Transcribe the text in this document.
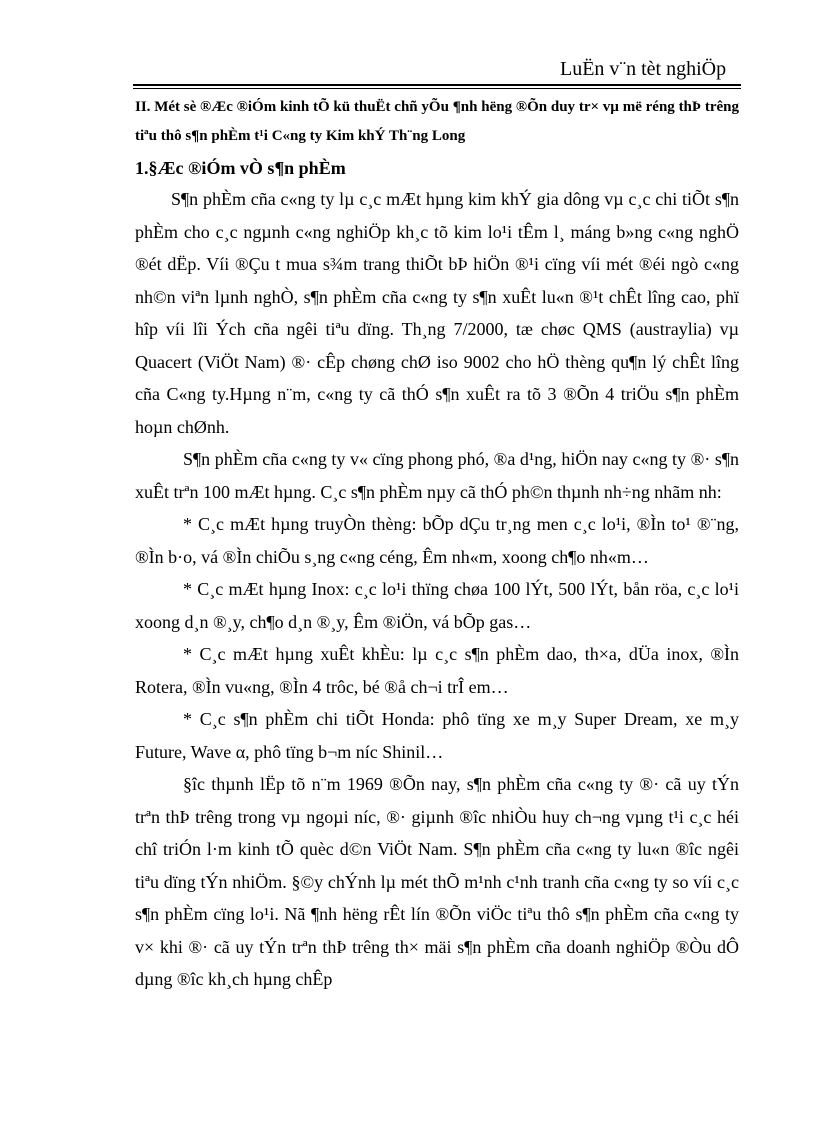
LuËn v¨n tèt nghiÖp

II. Mét sè ®Æc ®iÓm kinh tÕ kü thuËt chñ yÕu ¶nh hëng ®Õn duy tr× vµ më réng thÞ trêng tiªu thô s¶n phÈm t¹i C«ng ty Kim khÝ Th¨ng Long

1.§Æc ®iÓm vÒ s¶n phÈm

S¶n phÈm cña c«ng ty lµ c¸c mÆt hµng kim khÝ gia dông vµ c¸c chi tiÕt s¶n phÈm cho c¸c ngµnh c«ng nghiÖp kh¸c tõ kim lo¹i tÊm l¸ máng b»ng c«ng nghÖ ®ét dËp. Víi ®Çu t mua s¾m trang thiÕt bÞ hiÖn ®¹i cïng víi mét ®éi ngò c«ng nh©n viªn lµnh nghÒ, s¶n phÈm cña c«ng ty s¶n xuÊt lu«n ®¹t chÊt lîng cao, phï hîp víi lîi Ých cña ngêi tiªu dïng. Th¸ng 7/2000, tæ chøc QMS (austraylia) vµ Quacert (ViÖt Nam) ®· cÊp chøng chØ iso 9002 cho hÖ thèng qu¶n lý chÊt lîng cña C«ng ty.Hµng n¨m, c«ng ty cã thÓ s¶n xuÊt ra tõ 3 ®Õn 4 triÖu s¶n phÈm hoµn chØnh.

S¶n phÈm cña c«ng ty v« cïng phong phó, ®a d¹ng, hiÖn nay c«ng ty ®· s¶n xuÊt trªn 100 mÆt hµng. C¸c s¶n phÈm nµy cã thÓ ph©n thµnh nh÷ng nhãm nh:

* C¸c mÆt hµng truyÒn thèng: bÕp dÇu tr¸ng men c¸c lo¹i, ®Ìn to¹ ®¨ng, ®Ìn b·o, vá ®Ìn chiÕu s¸ng c«ng céng, Êm nh«m, xoong ch¶o nh«m…

* C¸c mÆt hµng Inox: c¸c lo¹i thïng chøa 100 lÝt, 500 lÝt, bån röa, c¸c lo¹i xoong d¸n ®¸y, ch¶o d¸n ®¸y, Êm ®iÖn, vá bÕp gas…

* C¸c mÆt hµng xuÊt khÈu: lµ c¸c s¶n phÈm dao, th×a, dÜa inox, ®Ìn Rotera, ®Ìn vu«ng, ®Ìn 4 trôc, bé ®å ch¬i trÎ em…

* C¸c s¶n phÈm chi tiÕt Honda: phô tïng xe m¸y Super Dream, xe m¸y Future, Wave α, phô tïng b¬m níc Shinil…

§îc thµnh lËp tõ n¨m 1969 ®Õn nay, s¶n phÈm cña c«ng ty ®· cã uy tÝn trªn thÞ trêng trong vµ ngoµi níc, ®· giµnh ®îc nhiÒu huy ch¬ng vµng t¹i c¸c héi chî triÓn l·m kinh tÕ quèc d©n ViÖt Nam. S¶n phÈm cña c«ng ty lu«n ®îc ngêi tiªu dïng tÝn nhiÖm. §©y chÝnh lµ mét thÕ m¹nh c¹nh tranh cña c«ng ty so víi c¸c s¶n phÈm cïng lo¹i. Nã ¶nh hëng rÊt lín ®Õn viÖc tiªu thô s¶n phÈm cña c«ng ty v× khi ®· cã uy tÝn trªn thÞ trêng th× mäi s¶n phÈm cña doanh nghiÖp ®Òu dÔ dµng ®îc kh¸ch hµng chÊp
